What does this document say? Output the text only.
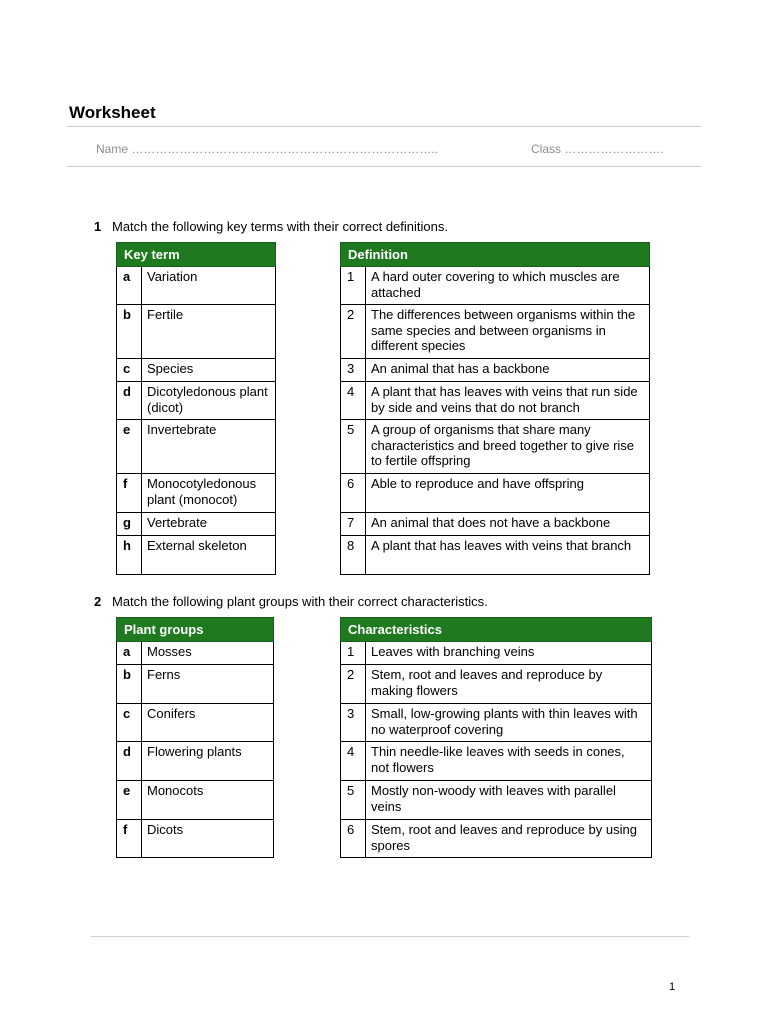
Worksheet
Name …………………………………………………………………..	Class …………………….
1 Match the following key terms with their correct definitions.
Key term	
a	Variation
b	Fertile
c	Species
d	Dicotyledonous plant (dicot)
e	Invertebrate
f	Monocotyledonous plant (monocot)
g	Vertebrate
h	External skeleton
Definition	
1	A hard outer covering to which muscles are attached
2	The differences between organisms within the same species and between organisms in different species
3	An animal that has a backbone
4	A plant that has leaves with veins that run side by side and veins that do not branch
5	A group of organisms that share many characteristics and breed together to give rise to fertile offspring
6	Able to reproduce and have offspring
7	An animal that does not have a backbone
8	A plant that has leaves with veins that branch
2 Match the following plant groups with their correct characteristics.
Plant groups	
a	Mosses
b	Ferns
c	Conifers
d	Flowering plants
e	Monocots
f	Dicots
Characteristics	
1	Leaves with branching veins
2	Stem, root and leaves and reproduce by making flowers
3	Small, low-growing plants with thin leaves with no waterproof covering
4	Thin needle-like leaves with seeds in cones, not flowers
5	Mostly non-woody with leaves with parallel veins
6	Stem, root and leaves and reproduce by using spores
1
